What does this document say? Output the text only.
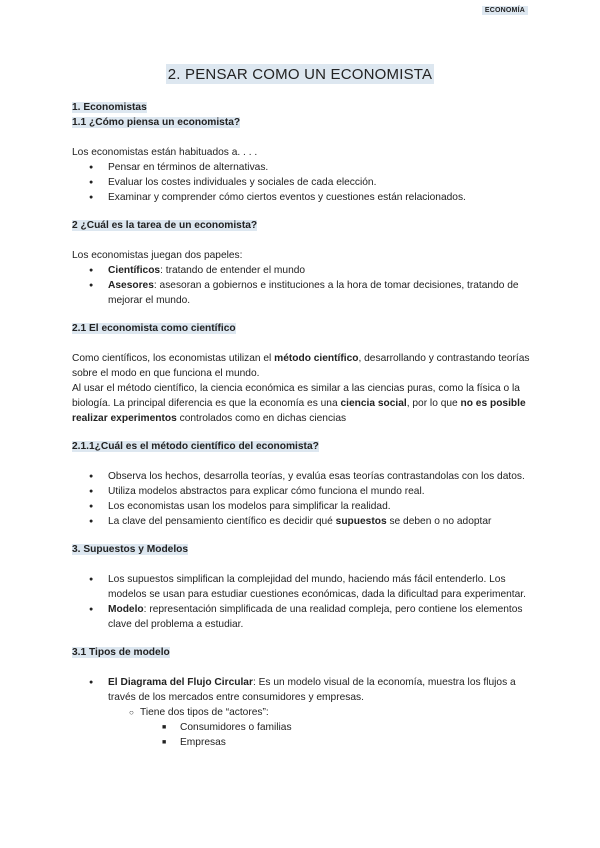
ECONOMÍA
2. PENSAR COMO UN ECONOMISTA

1. Economistas

1.1 ¿Cómo piensa un economista?

Los economistas están habituados a. . . .

● Pensar en términos de alternativas.
● Evaluar los costes individuales y sociales de cada elección.
● Examinar y comprender cómo ciertos eventos y cuestiones están relacionados.

2 ¿Cuál es la tarea de un economista?

Los economistas juegan dos papeles:

● Científicos: tratando de entender el mundo
● Asesores: asesoran a gobiernos e instituciones a la hora de tomar decisiones, tratando de mejorar el mundo.

2.1 El economista como científico

Como científicos, los economistas utilizan el método científico, desarrollando y contrastando teorías sobre el modo en que funciona el mundo.

Al usar el método científico, la ciencia económica es similar a las ciencias puras, como la física o la biología. La principal diferencia es que la economía es una ciencia social, por lo que no es posible realizar experimentos controlados como en dichas ciencias

2.1.1¿Cuál es el método científico del economista?

● Observa los hechos, desarrolla teorías, y evalúa esas teorías contrastandolas con los datos.
● Utiliza modelos abstractos para explicar cómo funciona el mundo real.
● Los economistas usan los modelos para simplificar la realidad.
● La clave del pensamiento científico es decidir qué supuestos se deben o no adoptar

3. Supuestos y Modelos

● Los supuestos simplifican la complejidad del mundo, haciendo más fácil entenderlo. Los modelos se usan para estudiar cuestiones económicas, dada la dificultad para experimentar.
● Modelo: representación simplificada de una realidad compleja, pero contiene los elementos clave del problema a estudiar.

3.1 Tipos de modelo

● El Diagrama del Flujo Circular: Es un modelo visual de la economía, muestra los flujos a través de los mercados entre consumidores y empresas.
○ Tiene dos tipos de “actores”:
■ Consumidores o familias
■ Empresas
